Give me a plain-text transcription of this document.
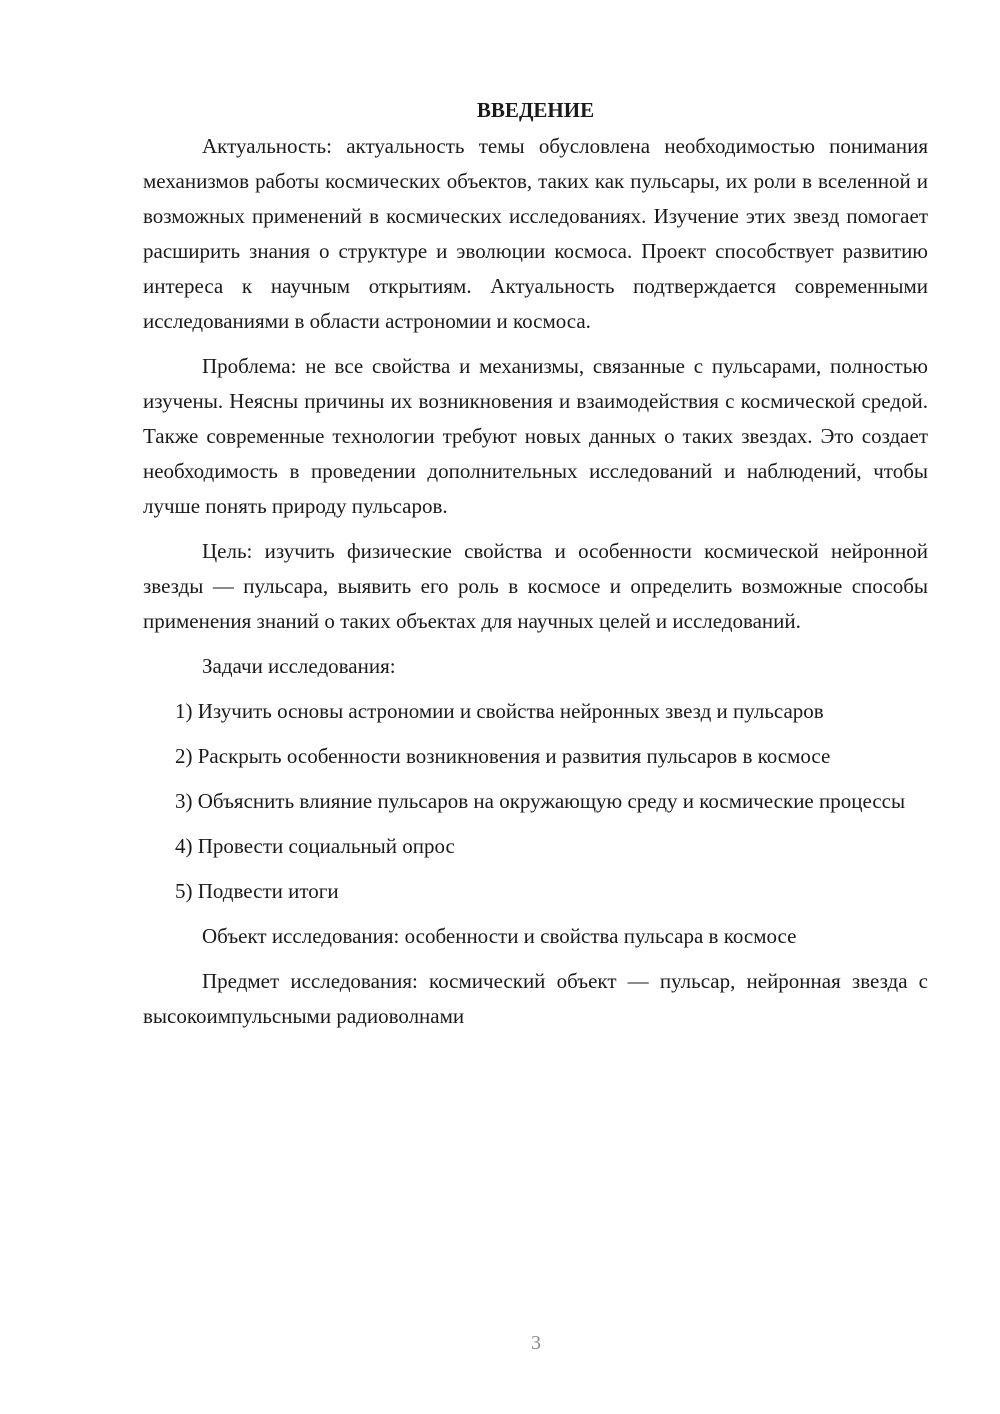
ВВЕДЕНИЕ

Актуальность: актуальность темы обусловлена необходимостью понимания механизмов работы космических объектов, таких как пульсары, их роли в вселенной и возможных применений в космических исследованиях. Изучение этих звезд помогает расширить знания о структуре и эволюции космоса. Проект способствует развитию интереса к научным открытиям. Актуальность подтверждается современными исследованиями в области астрономии и космоса.

Проблема: не все свойства и механизмы, связанные с пульсарами, полностью изучены. Неясны причины их возникновения и взаимодействия с космической средой. Также современные технологии требуют новых данных о таких звездах. Это создает необходимость в проведении дополнительных исследований и наблюдений, чтобы лучше понять природу пульсаров.

Цель: изучить физические свойства и особенности космической нейронной звезды — пульсара, выявить его роль в космосе и определить возможные способы применения знаний о таких объектах для научных целей и исследований.

Задачи исследования:

1) Изучить основы астрономии и свойства нейронных звезд и пульсаров

2) Раскрыть особенности возникновения и развития пульсаров в космосе

3) Объяснить влияние пульсаров на окружающую среду и космические процессы

4) Провести социальный опрос

5) Подвести итоги

Объект исследования: особенности и свойства пульсара в космосе

Предмет исследования: космический объект — пульсар, нейронная звезда с высокоимпульсными радиоволнами

3
